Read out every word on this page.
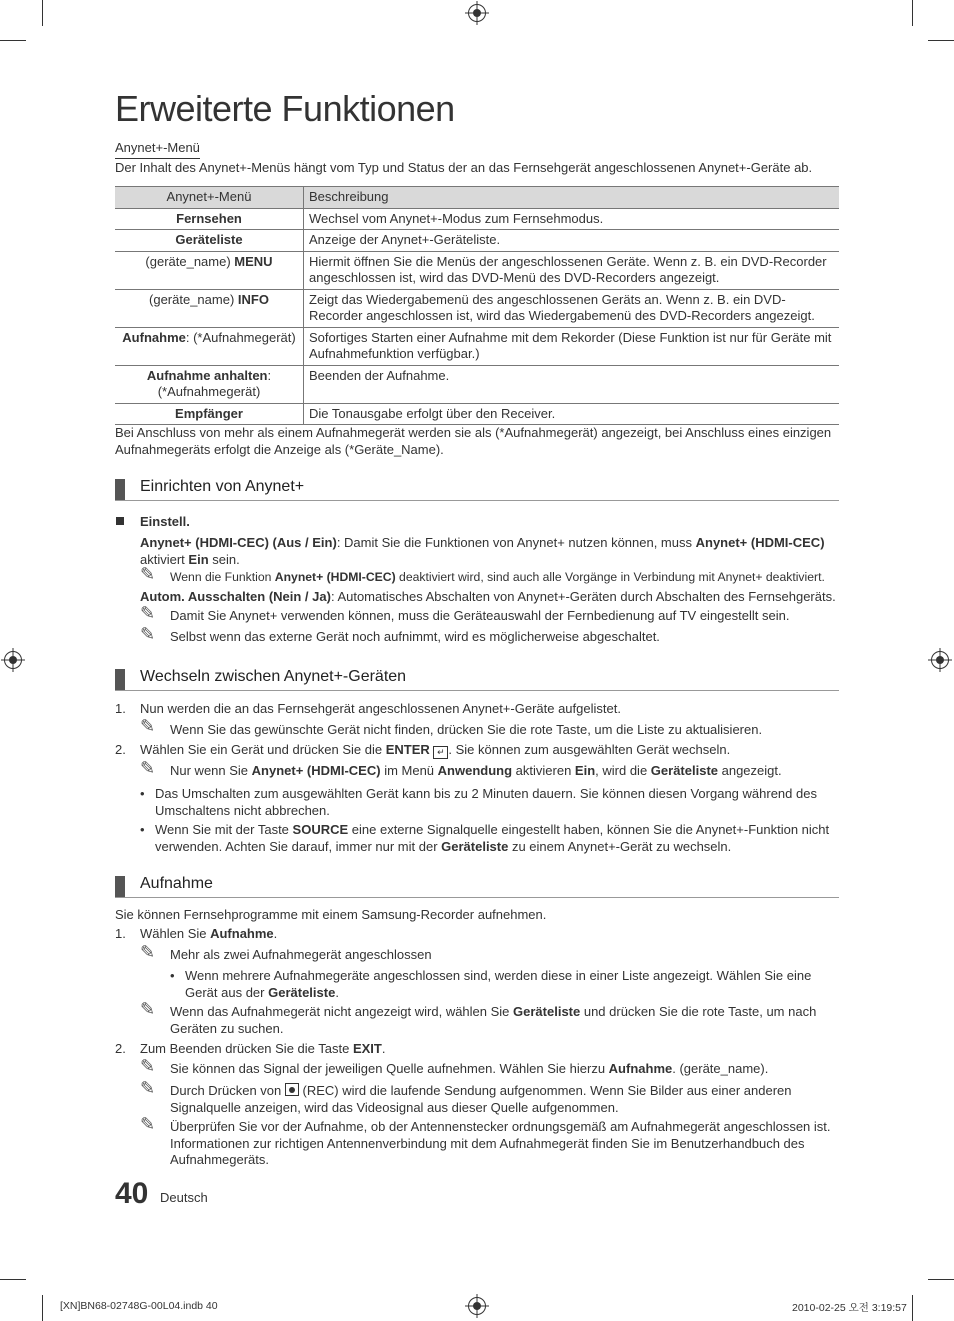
Erweiterte Funktionen
Anynet+-Menü
Der Inhalt des Anynet+-Menüs hängt vom Typ und Status der an das Fernsehgerät angeschlossenen Anynet+-Geräte ab.
Anynet+-Menü	Beschreibung
Fernsehen	Wechsel vom Anynet+-Modus zum Fernsehmodus.
Geräteliste	Anzeige der Anynet+-Geräteliste.
(geräte_name) MENU	Hiermit öffnen Sie die Menüs der angeschlossenen Geräte. Wenn z. B. ein DVD-Recorder angeschlossen ist, wird das DVD-Menü des DVD-Recorders angezeigt.
(geräte_name) INFO	Zeigt das Wiedergabemenü des angeschlossenen Geräts an. Wenn z. B. ein DVD-Recorder angeschlossen ist, wird das Wiedergabemenü des DVD-Recorders angezeigt.
Aufnahme: (*Aufnahmegerät)	Sofortiges Starten einer Aufnahme mit dem Rekorder (Diese Funktion ist nur für Geräte mit Aufnahmefunktion verfügbar.)
Aufnahme anhalten:
(*Aufnahmegerät)	Beenden der Aufnahme.
Empfänger	Die Tonausgabe erfolgt über den Receiver.
Bei Anschluss von mehr als einem Aufnahmegerät werden sie als (*Aufnahmegerät) angezeigt, bei Anschluss eines einzigen Aufnahmegeräts erfolgt die Anzeige als (*Geräte_Name).
Einrichten von Anynet+
Einstell.
Anynet+ (HDMI-CEC) (Aus / Ein): Damit Sie die Funktionen von Anynet+ nutzen können, muss Anynet+ (HDMI-CEC) aktiviert Ein sein.
✎ Wenn die Funktion Anynet+ (HDMI-CEC) deaktiviert wird, sind auch alle Vorgänge in Verbindung mit Anynet+ deaktiviert.
Autom. Ausschalten (Nein / Ja): Automatisches Abschalten von Anynet+-Geräten durch Abschalten des Fernsehgeräts.
✎ Damit Sie Anynet+ verwenden können, muss die Geräteauswahl der Fernbedienung auf TV eingestellt sein.
✎ Selbst wenn das externe Gerät noch aufnimmt, wird es möglicherweise abgeschaltet.
Wechseln zwischen Anynet+-Geräten
1. Nun werden die an das Fernsehgerät angeschlossenen Anynet+-Geräte aufgelistet.
✎ Wenn Sie das gewünschte Gerät nicht finden, drücken Sie die rote Taste, um die Liste zu aktualisieren.
2. Wählen Sie ein Gerät und drücken Sie die ENTER ↵ . Sie können zum ausgewählten Gerät wechseln.
✎ Nur wenn Sie Anynet+ (HDMI-CEC) im Menü Anwendung aktivieren Ein, wird die Geräteliste angezeigt.
• Das Umschalten zum ausgewählten Gerät kann bis zu 2 Minuten dauern. Sie können diesen Vorgang während des Umschaltens nicht abbrechen.
• Wenn Sie mit der Taste SOURCE eine externe Signalquelle eingestellt haben, können Sie die Anynet+-Funktion nicht verwenden. Achten Sie darauf, immer nur mit der Geräteliste zu einem Anynet+-Gerät zu wechseln.
Aufnahme
Sie können Fernsehprogramme mit einem Samsung-Recorder aufnehmen.
1. Wählen Sie Aufnahme.
✎ Mehr als zwei Aufnahmegerät angeschlossen
• Wenn mehrere Aufnahmegeräte angeschlossen sind, werden diese in einer Liste angezeigt. Wählen Sie eine Gerät aus der Geräteliste.
✎ Wenn das Aufnahmegerät nicht angezeigt wird, wählen Sie Geräteliste und drücken Sie die rote Taste, um nach Geräten zu suchen.
2. Zum Beenden drücken Sie die Taste EXIT.
✎ Sie können das Signal der jeweiligen Quelle aufnehmen. Wählen Sie hierzu Aufnahme. (geräte_name).
✎ Durch Drücken von  (REC) wird die laufende Sendung aufgenommen. Wenn Sie Bilder aus einer anderen Signalquelle anzeigen, wird das Videosignal aus dieser Quelle aufgenommen.
✎ Überprüfen Sie vor der Aufnahme, ob der Antennenstecker ordnungsgemäß am Aufnahmegerät angeschlossen ist. Informationen zur richtigen Antennenverbindung mit dem Aufnahmegerät finden Sie im Benutzerhandbuch des Aufnahmegeräts.
40 Deutsch
[XN]BN68-02748G-00L04.indb 40	2010-02-25 오전 3:19:57
